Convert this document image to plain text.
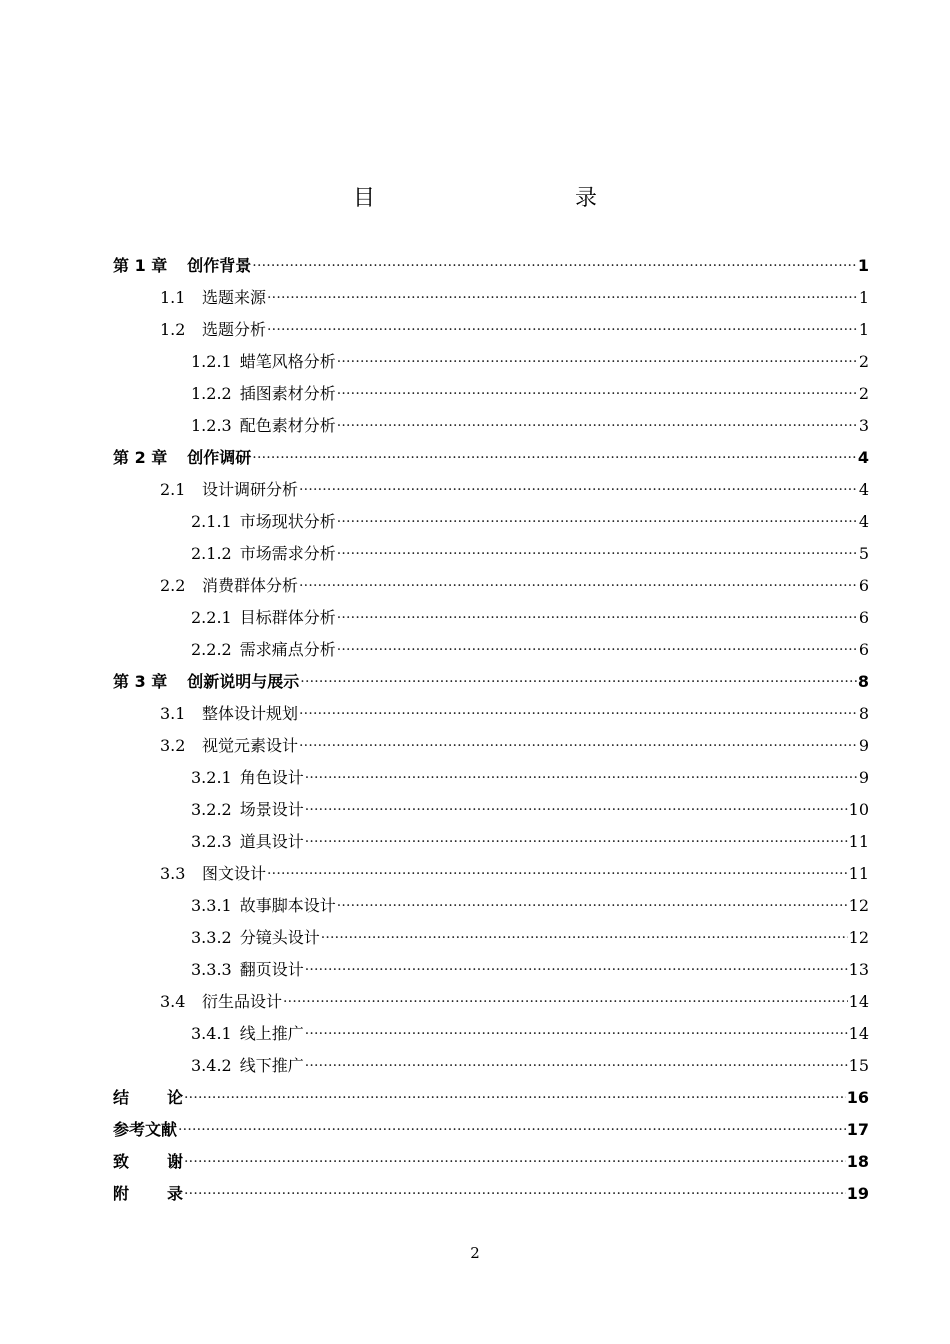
目　　录
第 1 章 创作背景 ·····	1
1.1	选题来源 ·····	1
1.2	选题分析 ·····	1
1.2.1 蜡笔风格分析 ·····	2
1.2.2 插图素材分析 ·····	2
1.2.3 配色素材分析 ·····	3
第 2 章 创作调研 ·····	4
2.1	设计调研分析 ·····	4
2.1.1 市场现状分析 ·····	4
2.1.2 市场需求分析 ·····	5
2.2	消费群体分析 ·····	6
2.2.1 目标群体分析 ·····	6
2.2.2 需求痛点分析 ·····	6
第 3 章 创新说明与展示 ·····	8
3.1	整体设计规划 ·····	8
3.2	视觉元素设计 ·····	9
3.2.1 角色设计 ·····	9
3.2.2 场景设计 ·····	10
3.2.3 道具设计 ·····	11
3.3	图文设计 ·····	11
3.3.1 故事脚本设计 ·····	12
3.3.2 分镜头设计 ·····	12
3.3.3 翻页设计 ·····	13
3.4	衍生品设计 ·····	14
3.4.1 线上推广 ·····	14
3.4.2 线下推广 ·····	15
结论 ·····	16
参考文献 ·····	17
致谢 ·····	18
附录 ·····	19
2
